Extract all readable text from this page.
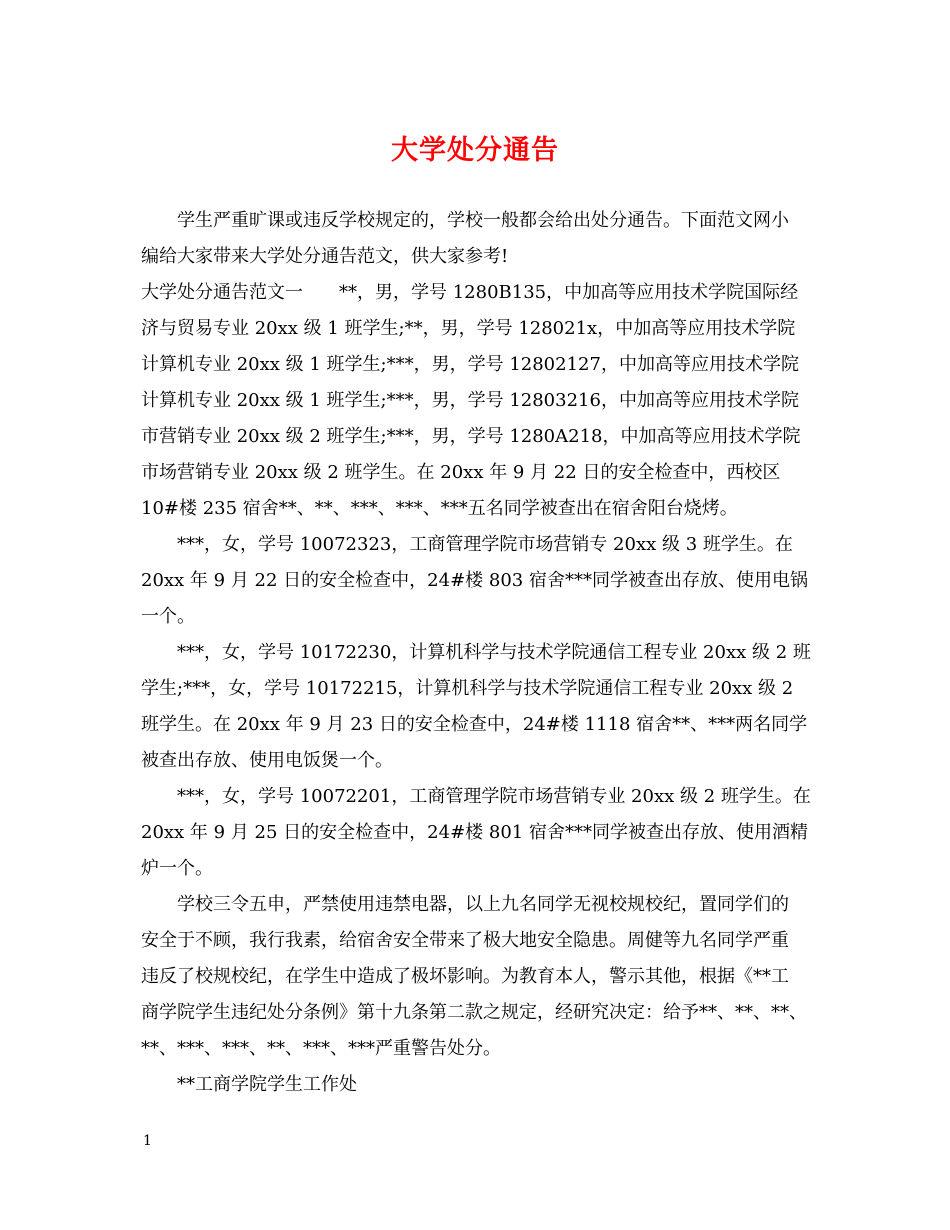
大学处分通告
学生严重旷课或违反学校规定的，学校一般都会给出处分通告。下面范文网小
编给大家带来大学处分通告范文，供大家参考!
大学处分通告范文一　　**，男，学号 1280B135，中加高等应用技术学院国际经
济与贸易专业 20xx 级 1 班学生;**，男，学号 128021x，中加高等应用技术学院
计算机专业 20xx 级 1 班学生;***，男，学号 12802127，中加高等应用技术学院
计算机专业 20xx 级 1 班学生;***，男，学号 12803216，中加高等应用技术学院
市营销专业 20xx 级 2 班学生;***，男，学号 1280A218，中加高等应用技术学院
市场营销专业 20xx 级 2 班学生。在 20xx 年 9 月 22 日的安全检查中，西校区
10#楼 235 宿舍**、**、***、***、***五名同学被查出在宿舍阳台烧烤。
***，女，学号 10072323，工商管理学院市场营销专 20xx 级 3 班学生。在
20xx 年 9 月 22 日的安全检查中，24#楼 803 宿舍***同学被查出存放、使用电锅
一个。
***，女，学号 10172230，计算机科学与技术学院通信工程专业 20xx 级 2 班
学生;***，女，学号 10172215，计算机科学与技术学院通信工程专业 20xx 级 2
班学生。在 20xx 年 9 月 23 日的安全检查中，24#楼 1118 宿舍**、***两名同学
被查出存放、使用电饭煲一个。
***，女，学号 10072201，工商管理学院市场营销专业 20xx 级 2 班学生。在
20xx 年 9 月 25 日的安全检查中，24#楼 801 宿舍***同学被查出存放、使用酒精
炉一个。
学校三令五申，严禁使用违禁电器，以上九名同学无视校规校纪，置同学们的
安全于不顾，我行我素，给宿舍安全带来了极大地安全隐患。周健等九名同学严重
违反了校规校纪，在学生中造成了极坏影响。为教育本人，警示其他，根据《**工
商学院学生违纪处分条例》第十九条第二款之规定，经研究决定：给予**、**、**、
**、***、***、**、***、***严重警告处分。
**工商学院学生工作处
1
